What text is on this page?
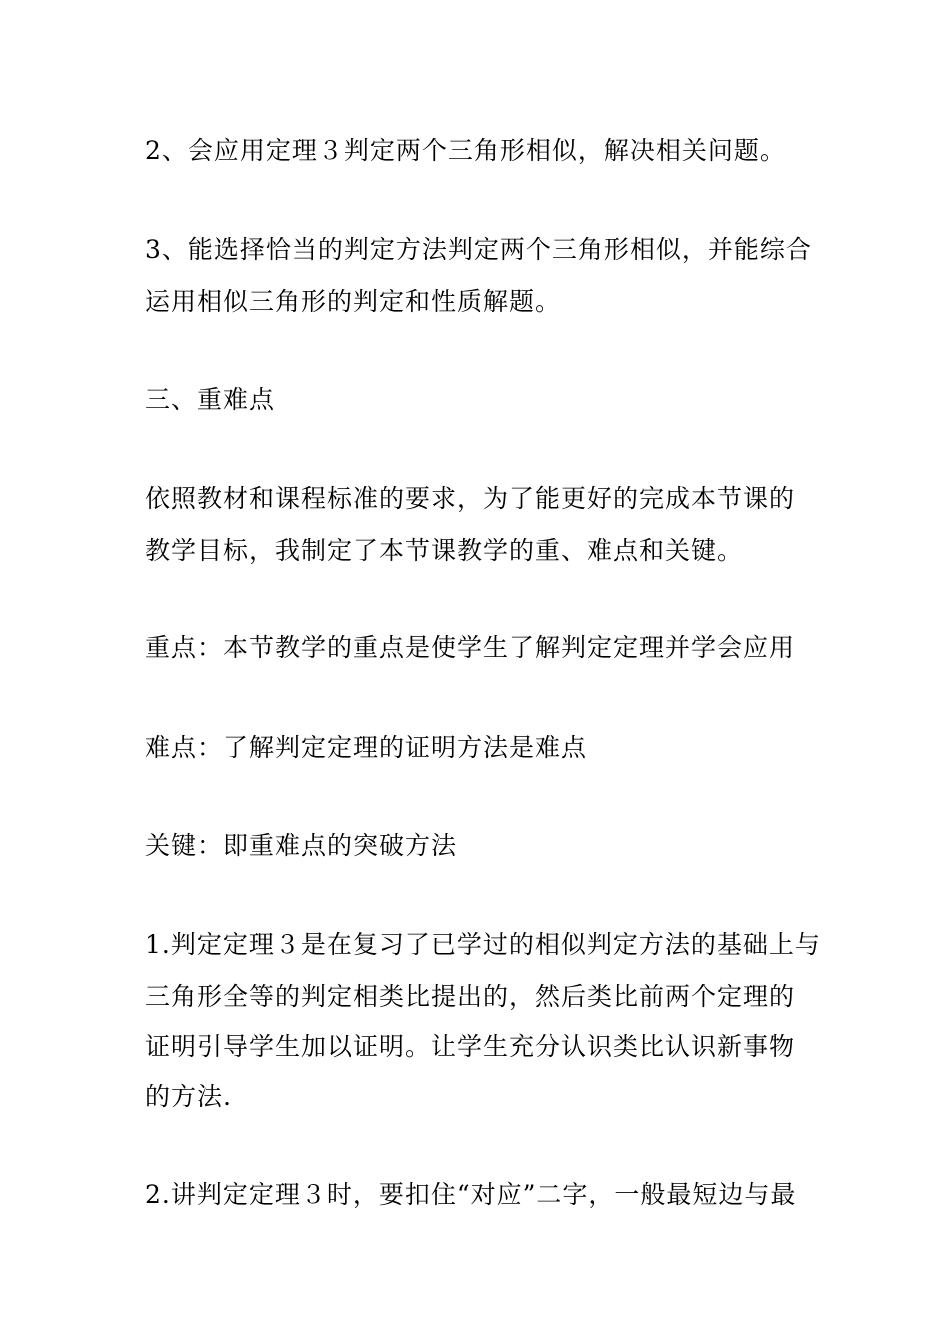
2、会应用定理３判定两个三角形相似，解决相关问题。
3、能选择恰当的判定方法判定两个三角形相似，并能综合
运用相似三角形的判定和性质解题。
三、重难点
依照教材和课程标准的要求，为了能更好的完成本节课的
教学目标，我制定了本节课教学的重、难点和关键。
重点：本节教学的重点是使学生了解判定定理并学会应用
难点：了解判定定理的证明方法是难点
关键：即重难点的突破方法
1.判定定理３是在复习了已学过的相似判定方法的基础上与
三角形全等的判定相类比提出的，然后类比前两个定理的
证明引导学生加以证明。让学生充分认识类比认识新事物
的方法.
2.讲判定定理３时，要扣住“对应”二字，一般最短边与最
